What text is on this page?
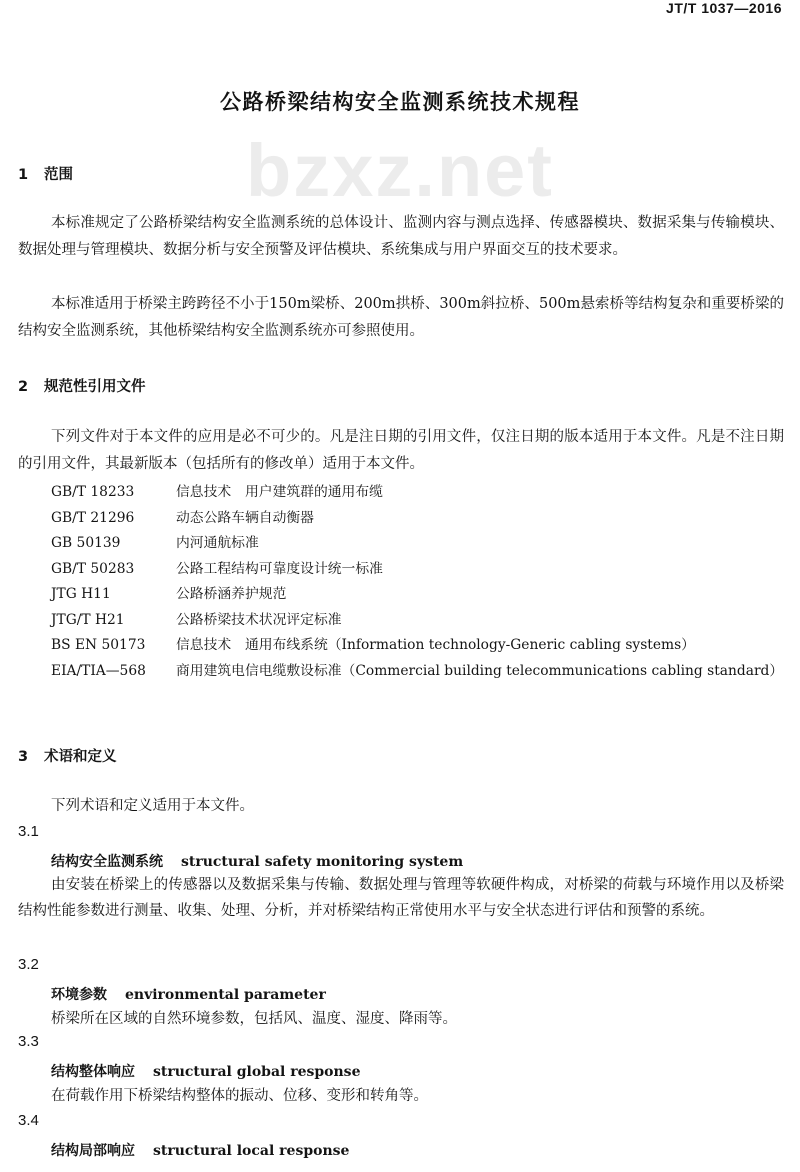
JT/T 1037—2016
bzxz.net
公路桥梁结构安全监测系统技术规程
1 范围

本标准规定了公路桥梁结构安全监测系统的总体设计、监测内容与测点选择、传感器模块、数据采集与传输模块、数据处理与管理模块、数据分析与安全预警及评估模块、系统集成与用户界面交互的技术要求。

本标准适用于桥梁主跨跨径不小于150m梁桥、200m拱桥、300m斜拉桥、500m悬索桥等结构复杂和重要桥梁的结构安全监测系统，其他桥梁结构安全监测系统亦可参照使用。

2 规范性引用文件

下列文件对于本文件的应用是必不可少的。凡是注日期的引用文件，仅注日期的版本适用于本文件。凡是不注日期的引用文件，其最新版本（包括所有的修改单）适用于本文件。

GB/T 18233	信息技术　用户建筑群的通用布缆
GB/T 21296	动态公路车辆自动衡器
GB 50139	内河通航标准
GB/T 50283	公路工程结构可靠度设计统一标准
JTG H11	公路桥涵养护规范
JTG/T H21	公路桥梁技术状况评定标准
BS EN 50173	信息技术　通用布线系统（Information technology-Generic cabling systems）
EIA/TIA—568	商用建筑电信电缆敷设标准（Commercial building telecommunications cabling standard）
3 术语和定义

下列术语和定义适用于本文件。

3.1
结构安全监测系统 structural safety monitoring system

由安装在桥梁上的传感器以及数据采集与传输、数据处理与管理等软硬件构成，对桥梁的荷载与环境作用以及桥梁结构性能参数进行测量、收集、处理、分析，并对桥梁结构正常使用水平与安全状态进行评估和预警的系统。

3.2
环境参数 environmental parameter

桥梁所在区域的自然环境参数，包括风、温度、湿度、降雨等。

3.3
结构整体响应 structural global response

在荷载作用下桥梁结构整体的振动、位移、变形和转角等。

3.4
结构局部响应 structural local response
